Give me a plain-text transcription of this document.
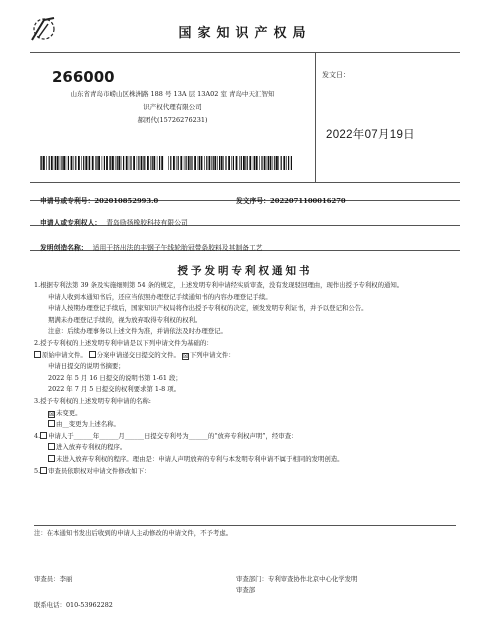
国家知识产权局
266000
山东省青岛市崂山区株洲路 188 号 13A 层 13A02 室 青岛中天汇智知
识产权代理有限公司
郝团代(15726276231)
发文日：
2022年07月19日
申请号或专利号：202010852993.0	发文序号：2022071100016270
申请人或专利权人： 青岛励扬橡胶科技有限公司
发明创造名称： 适用于挤出法的丰钢子午线轮胎冠带条胶料及其制备工艺
授予发明专利权通知书

1.根据专利法第 39 条及实施细则第 54 条的规定，上述发明专利申请经实质审查，没有发现驳回理由，现作出授予专利权的通知。

申请人收到本通知书后，还应当依照办理登记手续通知书的内容办理登记手续。

申请人按期办理登记手续后，国家知识产权局将作出授予专利权的决定，颁发发明专利证书，并予以登记和公告。

期满未办理登记手续的，视为放弃取得专利权的权利。

注意：后续办理事务以上述文件为准，并请依法及时办理登记。

2.授予专利权的上述发明专利申请是以下列申请文件为基础的：

原始申请文件。 分案申请递交日提交的文件。 ☒ 下列申请文件：

申请日提交的说明书摘要；

2022 年 5 月 16 日提交的说明书第 1-61 段；

2022 年 7 月 5 日提交的权利要求第 1-8 项。

3.授予专利权的上述发明专利申请的名称:

☒ 未变更。

由__变更为上述名称。

4. 申请人于______年______月______日提交专利号为______的“放弃专利权声明”，经审查：

进入放弃专利权的程序。

未进入放弃专利权的程序。理由是：申请人声明放弃的专利与本发明专利申请不属于相同的发明创造。

5. 审查员依职权对申请文件修改如下：

注：在本通知书发出后收到的申请人主动修改的申请文件，不予考虑。
审查员：李丽
联系电话：010-53962282
审查部门：专利审查协作北京中心化学发明
审查部
